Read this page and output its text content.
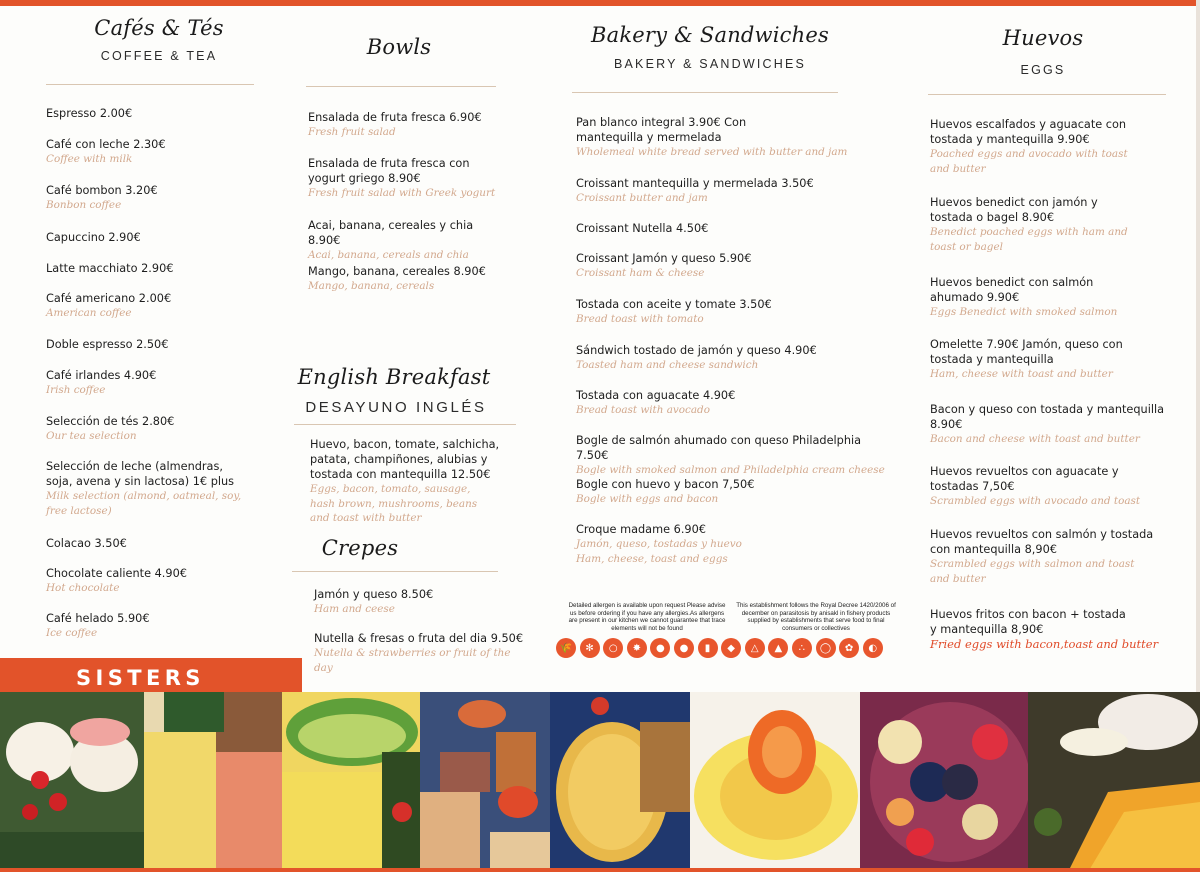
Cafés & Tés
COFFEE & TEA
Espresso 2.00€
Café con leche 2.30€
Coffee with milk
Café bombon 3.20€
Bonbon coffee
Capuccino 2.90€
Latte macchiato 2.90€
Café americano 2.00€
American coffee
Doble espresso 2.50€
Café irlandes 4.90€
Irish coffee
Selección de tés 2.80€
Our tea selection
Selección de leche (almendras, soja, avena y sin lactosa) 1€ plus
Milk selection (almond, oatmeal, soy, free lactose)
Colacao 3.50€
Chocolate caliente 4.90€
Hot chocolate
Café helado 5.90€
Ice coffee
Bowls
Ensalada de fruta fresca 6.90€
Fresh fruit salad
Ensalada de fruta fresca con yogurt griego 8.90€
Fresh fruit salad with Greek yogurt
Acai, banana, cereales y chia 8.90€
Acai, banana, cereals and chia
Mango, banana, cereales 8.90€
Mango, banana, cereals
English Breakfast
DESAYUNO INGLÉS
Huevo, bacon, tomate, salchicha, patata, champiñones, alubias y tostada con mantequilla 12.50€
Eggs, bacon, tomato, sausage, hash brown, mushrooms, beans and toast with butter
Crepes
Jamón y queso 8.50€
Ham and ceese
Nutella & fresas o fruta del dia 9.50€
Nutella & strawberries or fruit of the day
Bakery & Sandwiches
BAKERY & SANDWICHES
Pan blanco integral 3.90€ Con mantequilla y mermelada
Wholemeal white bread served with butter and jam
Croissant mantequilla y mermelada 3.50€
Croissant butter and jam
Croissant Nutella 4.50€
Croissant Jamón y queso 5.90€
Croissant ham & cheese
Tostada con aceite y tomate 3.50€
Bread toast with tomato
Sándwich tostado de jamón y queso 4.90€
Toasted ham and cheese sandwich
Tostada con aguacate 4.90€
Bread toast with avocado
Bogle de salmón ahumado con queso Philadelphia 7.50€
Bogle with smoked salmon and Philadelphia cream cheese
Bogle con huevo y bacon 7,50€
Bogle with eggs and bacon
Croque madame 6.90€
Jamón, queso, tostadas y huevo Ham, cheese, toast and eggs
Detailed allergen is available upon request Please advise us before ordering if you have any allergies.As allergens are present in our kitchen we cannot guarantee that trace elements will not be found
This establishment follows the Royal Decree 1420/2006 of december on parasitosis by anisakl in fishery products supplied by establishments that serve food to final consumers or collectives
🌾	✻	○	✸	●	●	▮	◆	△	▲	∴	◯	✿	◐
Huevos
EGGS
Huevos escalfados y aguacate con tostada y mantequilla 9.90€
Poached eggs and avocado with toast and butter
Huevos benedict con jamón y tostada o bagel 8.90€
Benedict poached eggs with ham and toast or bagel
Huevos benedict con salmón ahumado 9.90€
Eggs Benedict with smoked salmon
Omelette 7.90€ Jamón, queso con tostada y mantequilla
Ham, cheese with toast and butter
Bacon y queso con tostada y mantequilla 8.90€
Bacon and cheese with toast and butter
Huevos revueltos con aguacate y tostadas 7,50€
Scrambled eggs with avocado and toast
Huevos revueltos con salmón y tostada con mantequilla 8,90€
Scrambled eggs with salmon and toast and butter
Huevos fritos con bacon + tostada y mantequilla 8,90€
Fried eggs with bacon,toast and butter
SISTERS
